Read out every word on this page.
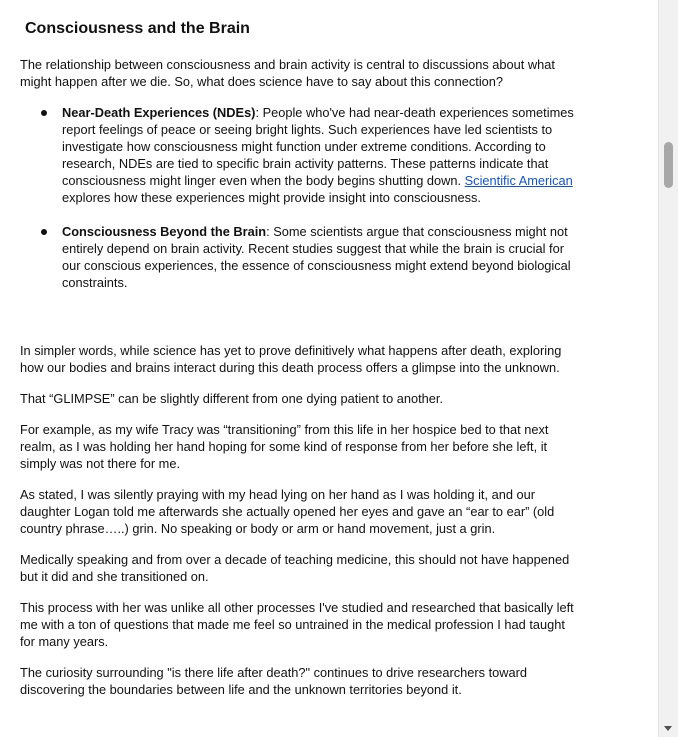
Consciousness and the Brain

The relationship between consciousness and brain activity is central to discussions about what might happen after we die. So, what does science have to say about this connection?

Near-Death Experiences (NDEs): People who've had near-death experiences sometimes report feelings of peace or seeing bright lights. Such experiences have led scientists to investigate how consciousness might function under extreme conditions. According to research, NDEs are tied to specific brain activity patterns. These patterns indicate that consciousness might linger even when the body begins shutting down. Scientific American explores how these experiences might provide insight into consciousness.
Consciousness Beyond the Brain: Some scientists argue that consciousness might not entirely depend on brain activity. Recent studies suggest that while the brain is crucial for our conscious experiences, the essence of consciousness might extend beyond biological constraints.

In simpler words, while science has yet to prove definitively what happens after death, exploring how our bodies and brains interact during this death process offers a glimpse into the unknown.

That “GLIMPSE” can be slightly different from one dying patient to another.

For example, as my wife Tracy was “transitioning” from this life in her hospice bed to that next realm, as I was holding her hand hoping for some kind of response from her before she left, it simply was not there for me.

As stated, I was silently praying with my head lying on her hand as I was holding it, and our daughter Logan told me afterwards she actually opened her eyes and gave an “ear to ear” (old country phrase…..) grin. No speaking or body or arm or hand movement, just a grin.

Medically speaking and from over a decade of teaching medicine, this should not have happened but it did and she transitioned on.

This process with her was unlike all other processes I've studied and researched that basically left me with a ton of questions that made me feel so untrained in the medical profession I had taught for many years.

The curiosity surrounding "is there life after death?" continues to drive researchers toward discovering the boundaries between life and the unknown territories beyond it.
